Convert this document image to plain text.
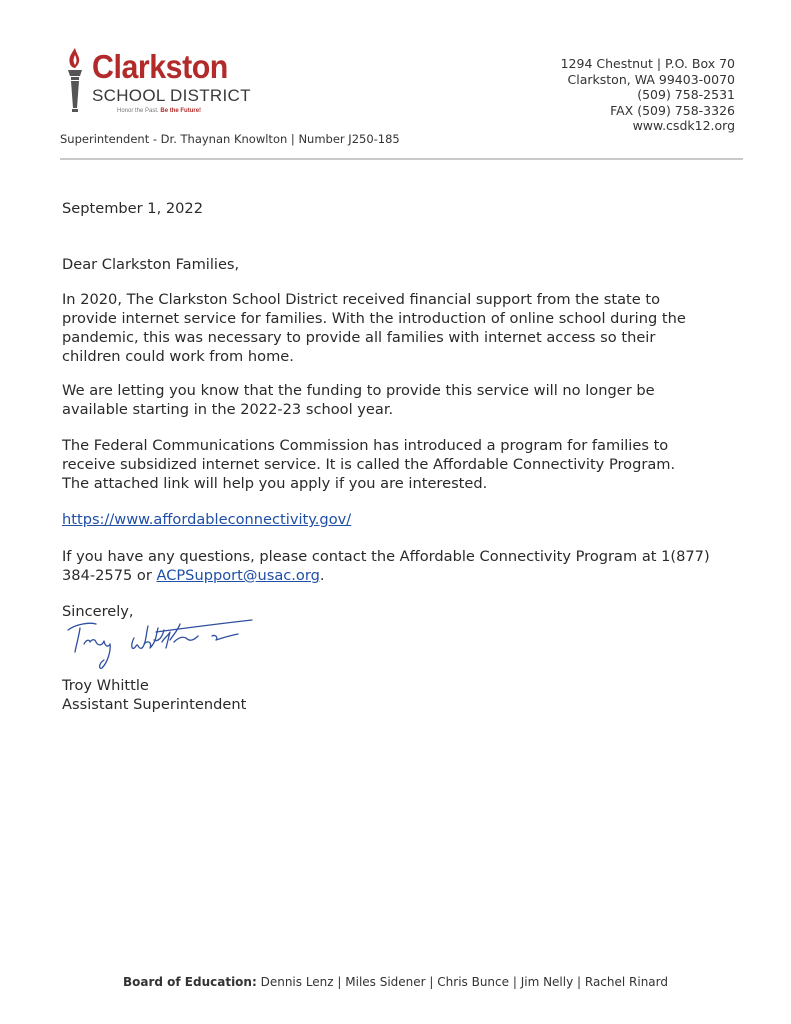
Clarkston
SCHOOL DISTRICT
Honor the Past. Be the Future!
1294 Chestnut | P.O. Box 70
Clarkston, WA 99403-0070
(509) 758-2531
FAX (509) 758-3326
www.csdk12.org
Superintendent - Dr. Thaynan Knowlton | Number J250-185
September 1, 2022
Dear Clarkston Families,

In 2020, The Clarkston School District received financial support from the state to

provide internet service for families. With the introduction of online school during the

pandemic, this was necessary to provide all families with internet access so their

children could work from home.

We are letting you know that the funding to provide this service will no longer be

available starting in the 2022-23 school year.

The Federal Communications Commission has introduced a program for families to

receive subsidized internet service. It is called the Affordable Connectivity Program.

The attached link will help you apply if you are interested.

https://www.affordableconnectivity.gov/

If you have any questions, please contact the Affordable Connectivity Program at 1(877)

384-2575 or ACPSupport@usac.org.

Sincerely,
Troy Whittle
Assistant Superintendent
Board of Education: Dennis Lenz | Miles Sidener | Chris Bunce | Jim Nelly | Rachel Rinard
